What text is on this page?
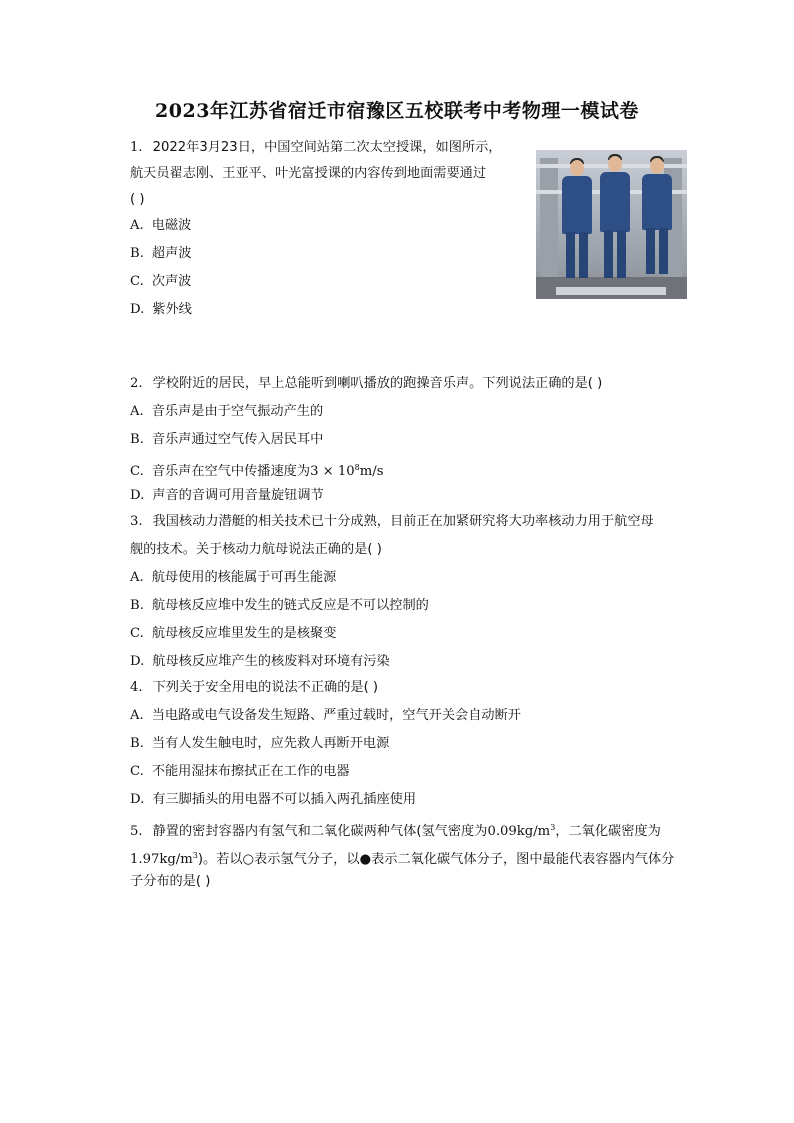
2023年江苏省宿迁市宿豫区五校联考中考物理一模试卷
1. 2022年3月23日，中国空间站第二次太空授课，如图所示，
航天员翟志刚、王亚平、叶光富授课的内容传到地面需要通过
( )
A. 电磁波
B. 超声波
C. 次声波
D. 紫外线
2. 学校附近的居民，早上总能听到喇叭播放的跑操音乐声。下列说法正确的是( )
A. 音乐声是由于空气振动产生的
B. 音乐声通过空气传入居民耳中
C. 音乐声在空气中传播速度为$3 \times 10^8m/s$
D. 声音的音调可用音量旋钮调节
3. 我国核动力潜艇的相关技术已十分成熟，目前正在加紧研究将大功率核动力用于航空母
舰的技术。关于核动力航母说法正确的是( )
A. 航母使用的核能属于可再生能源
B. 航母核反应堆中发生的链式反应是不可以控制的
C. 航母核反应堆里发生的是核聚变
D. 航母核反应堆产生的核废料对环境有污染
4. 下列关于安全用电的说法不正确的是( )
A. 当电路或电气设备发生短路、严重过载时，空气开关会自动断开
B. 当有人发生触电时，应先救人再断开电源
C. 不能用湿抹布擦拭正在工作的电器
D. 有三脚插头的用电器不可以插入两孔插座使用
5. 静置的密封容器内有氢气和二氧化碳两种气体(氢气密度为$0.09kg/m^3$，二氧化碳密度为
$1.97kg/m^3$)。若以○表示氢气分子，以●表示二氧化碳气体分子，图中最能代表容器内气体分
子分布的是( )
